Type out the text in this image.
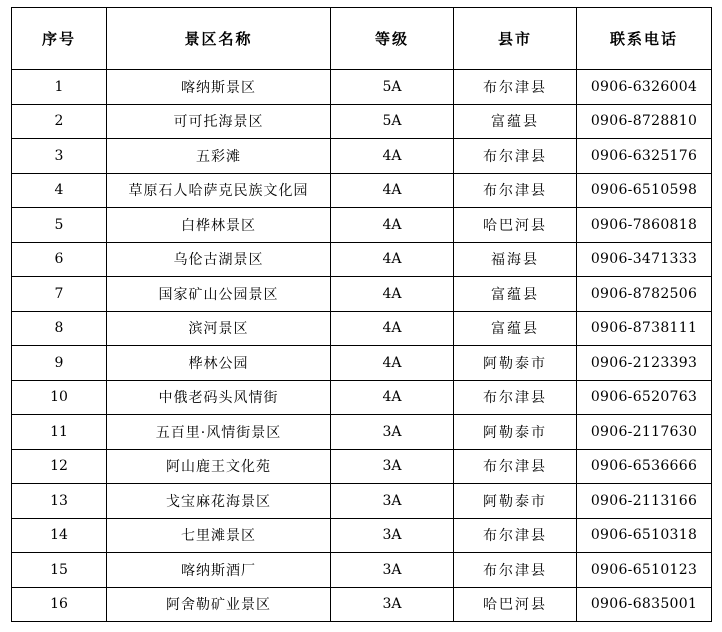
序号	景区名称	等级	县市	联系电话
1	喀纳斯景区	5A	布尔津县	0906-6326004
2	可可托海景区	5A	富蕴县	0906-8728810
3	五彩滩	4A	布尔津县	0906-6325176
4	草原石人哈萨克民族文化园	4A	布尔津县	0906-6510598
5	白桦林景区	4A	哈巴河县	0906-7860818
6	乌伦古湖景区	4A	福海县	0906-3471333
7	国家矿山公园景区	4A	富蕴县	0906-8782506
8	滨河景区	4A	富蕴县	0906-8738111
9	桦林公园	4A	阿勒泰市	0906-2123393
10	中俄老码头风情街	4A	布尔津县	0906-6520763
11	五百里·风情街景区	3A	阿勒泰市	0906-2117630
12	阿山鹿王文化苑	3A	布尔津县	0906-6536666
13	戈宝麻花海景区	3A	阿勒泰市	0906-2113166
14	七里滩景区	3A	布尔津县	0906-6510318
15	喀纳斯酒厂	3A	布尔津县	0906-6510123
16	阿舍勒矿业景区	3A	哈巴河县	0906-6835001
